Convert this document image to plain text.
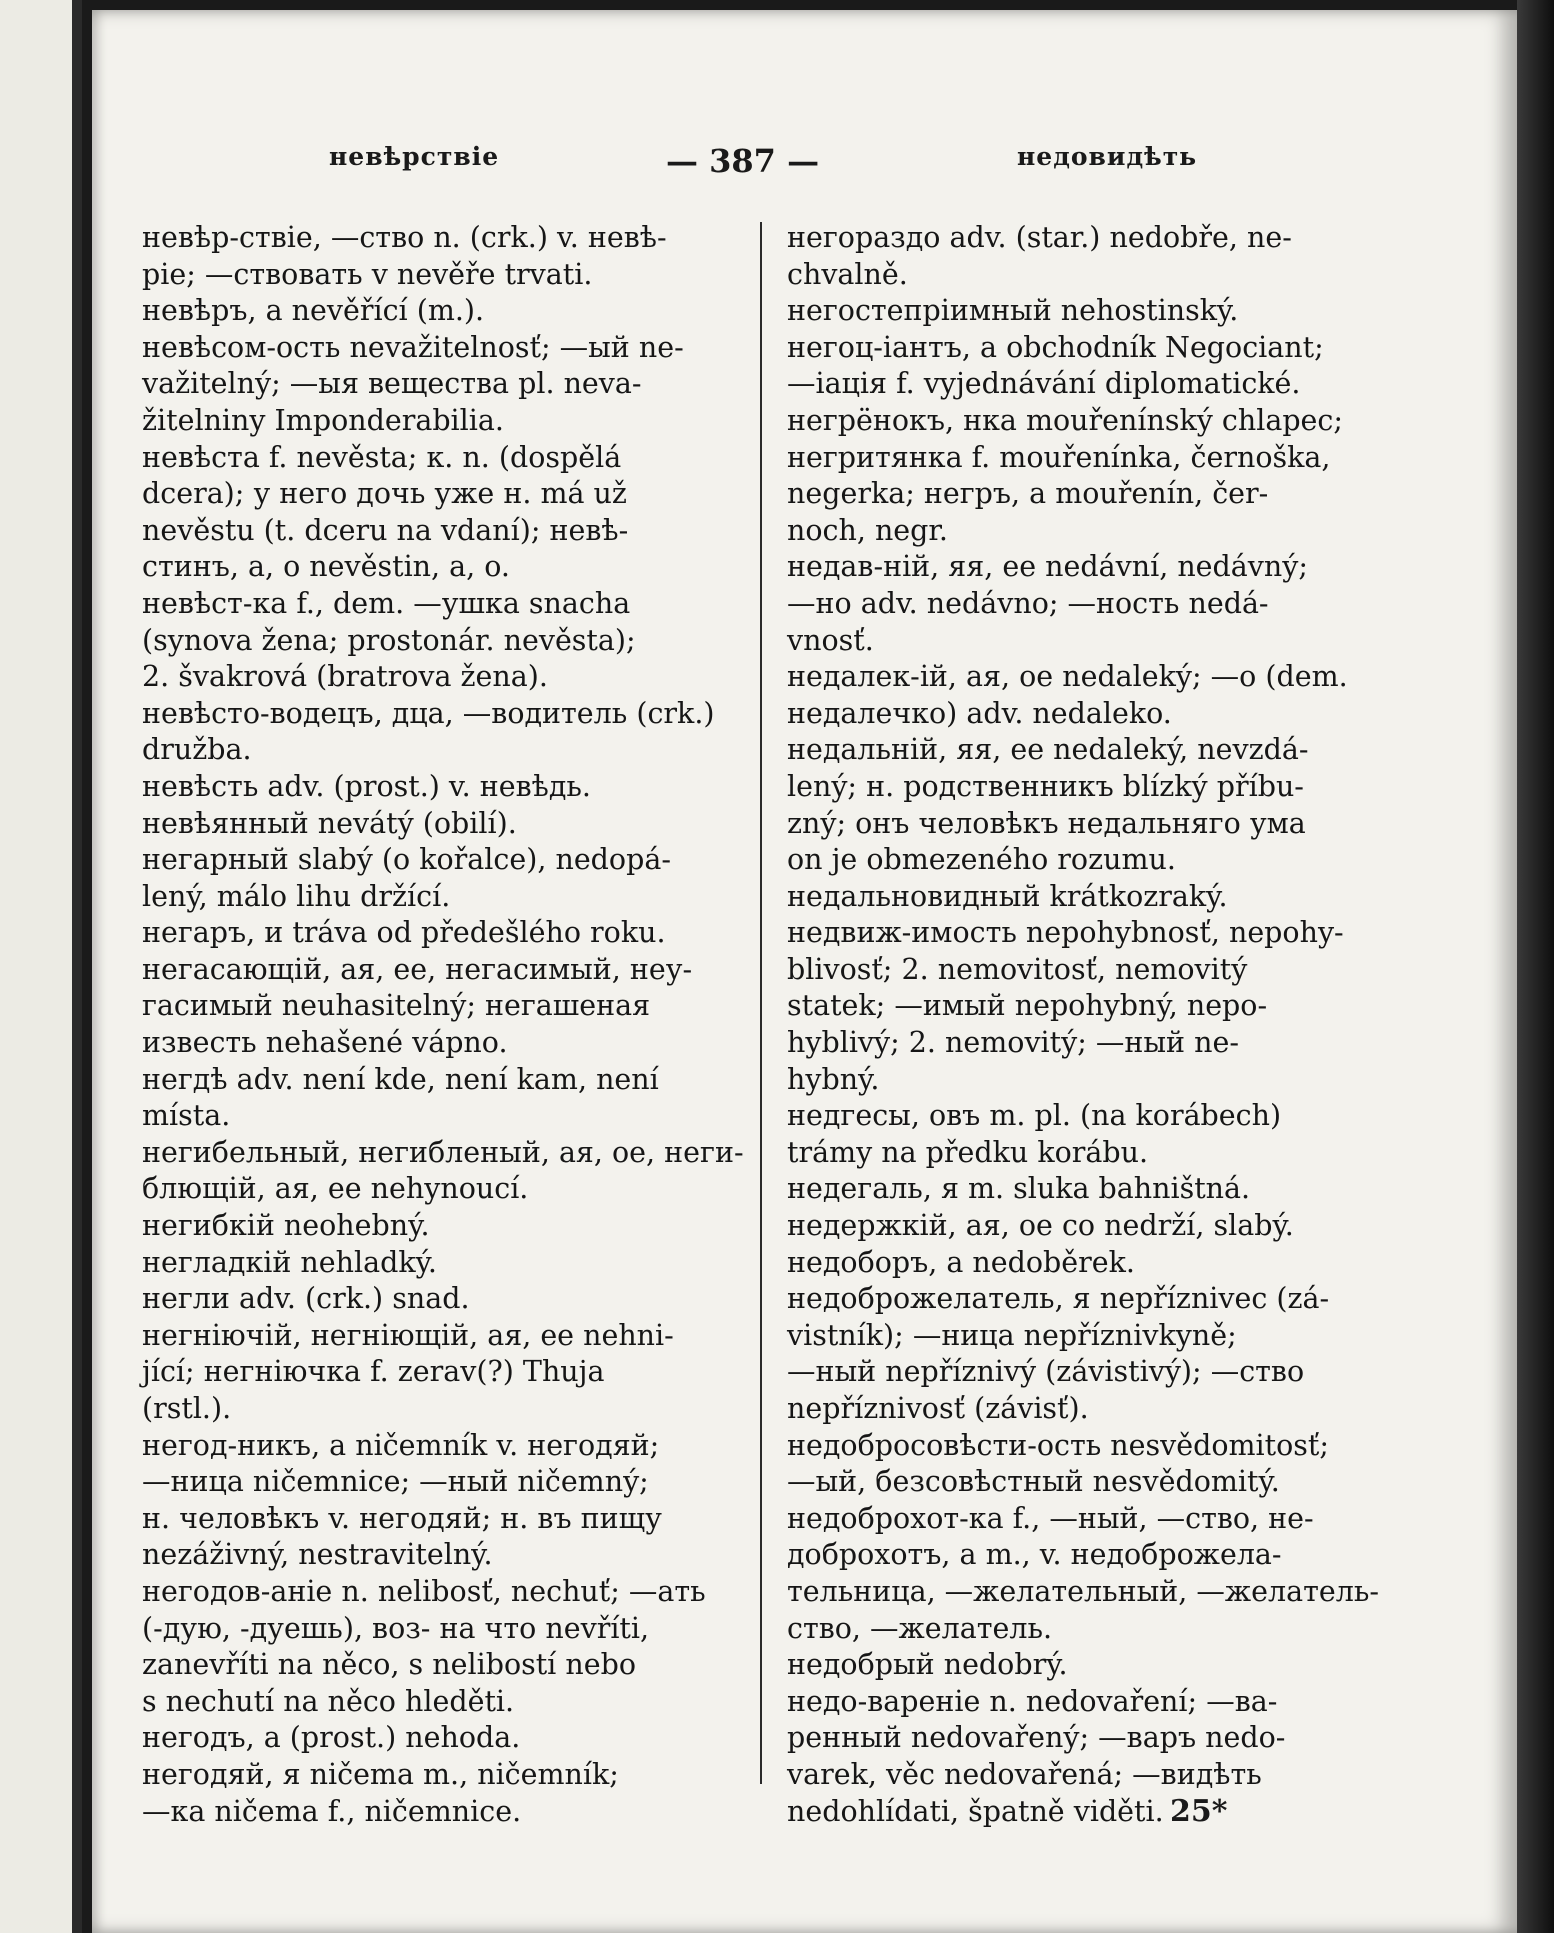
невѣрствіе	— 387 —	недовидѣть
невѣр-ствіе, —ство n. (crk.) v. невѣ-
pie; —ствовать v nevěře trvati.
невѣръ, a nevěřící (m.).
невѣсом-ость nevažitelnosť; —ый ne-
važitelný; —ыя вещества pl. neva-
žitelniny Imponderabilia.
невѣста f. nevěsta; к. n. (dospělá
dcera); у него дочь уже н. má už
nevěstu (t. dceru na vdaní); невѣ-
стинъ, а, о nevěstin, a, o.
невѣст-ка f., dem. —ушка snacha
(synova žena; prostonár. nevěsta);
2. švakrová (bratrova žena).
невѣсто-водецъ, дца, —водитель (crk.)
družba.
невѣсть adv. (prost.) v. невѣдь.
невѣянный nevátý (obilí).
негарный slabý (o kořalce), nedopá-
lený, málo lihu držící.
негаръ, и tráva od předešlého roku.
негасающій, ая, ее, негасимый, неу-
гасимый neuhasitelný; негашеная
известь nehašené vápno.
негдѣ adv. není kde, není kam, není
místa.
негибельный, негибленый, ая, ое, неги-
блющій, ая, ее nehynoucí.
негибкій neohebný.
негладкій nehladký.
негли adv. (crk.) snad.
негніючій, негніющій, ая, ее nehni-
jící; негніючка f. zerav(?) Thuja
(rstl.).
негод-никъ, a ničemník v. негодяй;
—ница ničemnice; —ный ničemný;
н. человѣкъ v. негодяй; н. въ пищу
nezáživný, nestravitelný.
негодов-аніе n. nelibosť, nechuť; —ать
(-дую, -дуешь), воз- на что nevříti,
zanevříti na něco, s nelibostí nebo
s nechutí na něco hleděti.
негодъ, a (prost.) nehoda.
негодяй, я ničema m., ničemník;
—ка ničema f., ničemnice.
негораздо adv. (star.) nedobře, ne-
chvalně.
негостепріимный nehostinský.
негоц-іантъ, a obchodník Negociant;
—іація f. vyjednávání diplomatické.
негрёнокъ, нка mouřenínský chlapec;
негритянка f. mouřenínka, černoška,
negerka; негръ, а mouřenín, čer-
noch, negr.
недав-ній, яя, ее nedávní, nedávný;
—но adv. nedávno; —ность nedá-
vnosť.
недалек-ій, ая, ое nedaleký; —о (dem.
недалечко) adv. nedaleko.
недальній, яя, ее nedaleký, nevzdá-
lený; н. родственникъ blízký příbu-
zný; онъ человѣкъ недальняго ума
on je obmezeného rozumu.
недальновидный krátkozraký.
недвиж-имость nepohybnosť, nepohy-
blivosť; 2. nemovitosť, nemovitý
statek; —имый nepohybný, nepo-
hyblivý; 2. nemovitý; —ный ne-
hybný.
недгесы, овъ m. pl. (na korábech)
trámy na předku korábu.
недегаль, я m. sluka bahništná.
недержкій, ая, ое co nedrží, slabý.
недоборъ, a nedoběrek.
недоброжелатель, я nepříznivec (zá-
vistník); —ница nepříznivkyně;
—ный nepříznivý (závistivý); —ство
nepříznivosť (závisť).
недобросовѣсти-ость nesvědomitosť;
—ый, безсовѣстный nesvědomitý.
недоброхот-ка f., —ный, —ство, не-
доброхотъ, a m., v. недоброжела-
тельница, —желательный, —желатель-
ство, —желатель.
недобрый nedobrý.
недо-вареніе n. nedovaření; —ва-
ренный nedovařený; —варъ nedo-
varek, věc nedovařená; —видѣть
nedohlídati, špatně viděti. 25*
